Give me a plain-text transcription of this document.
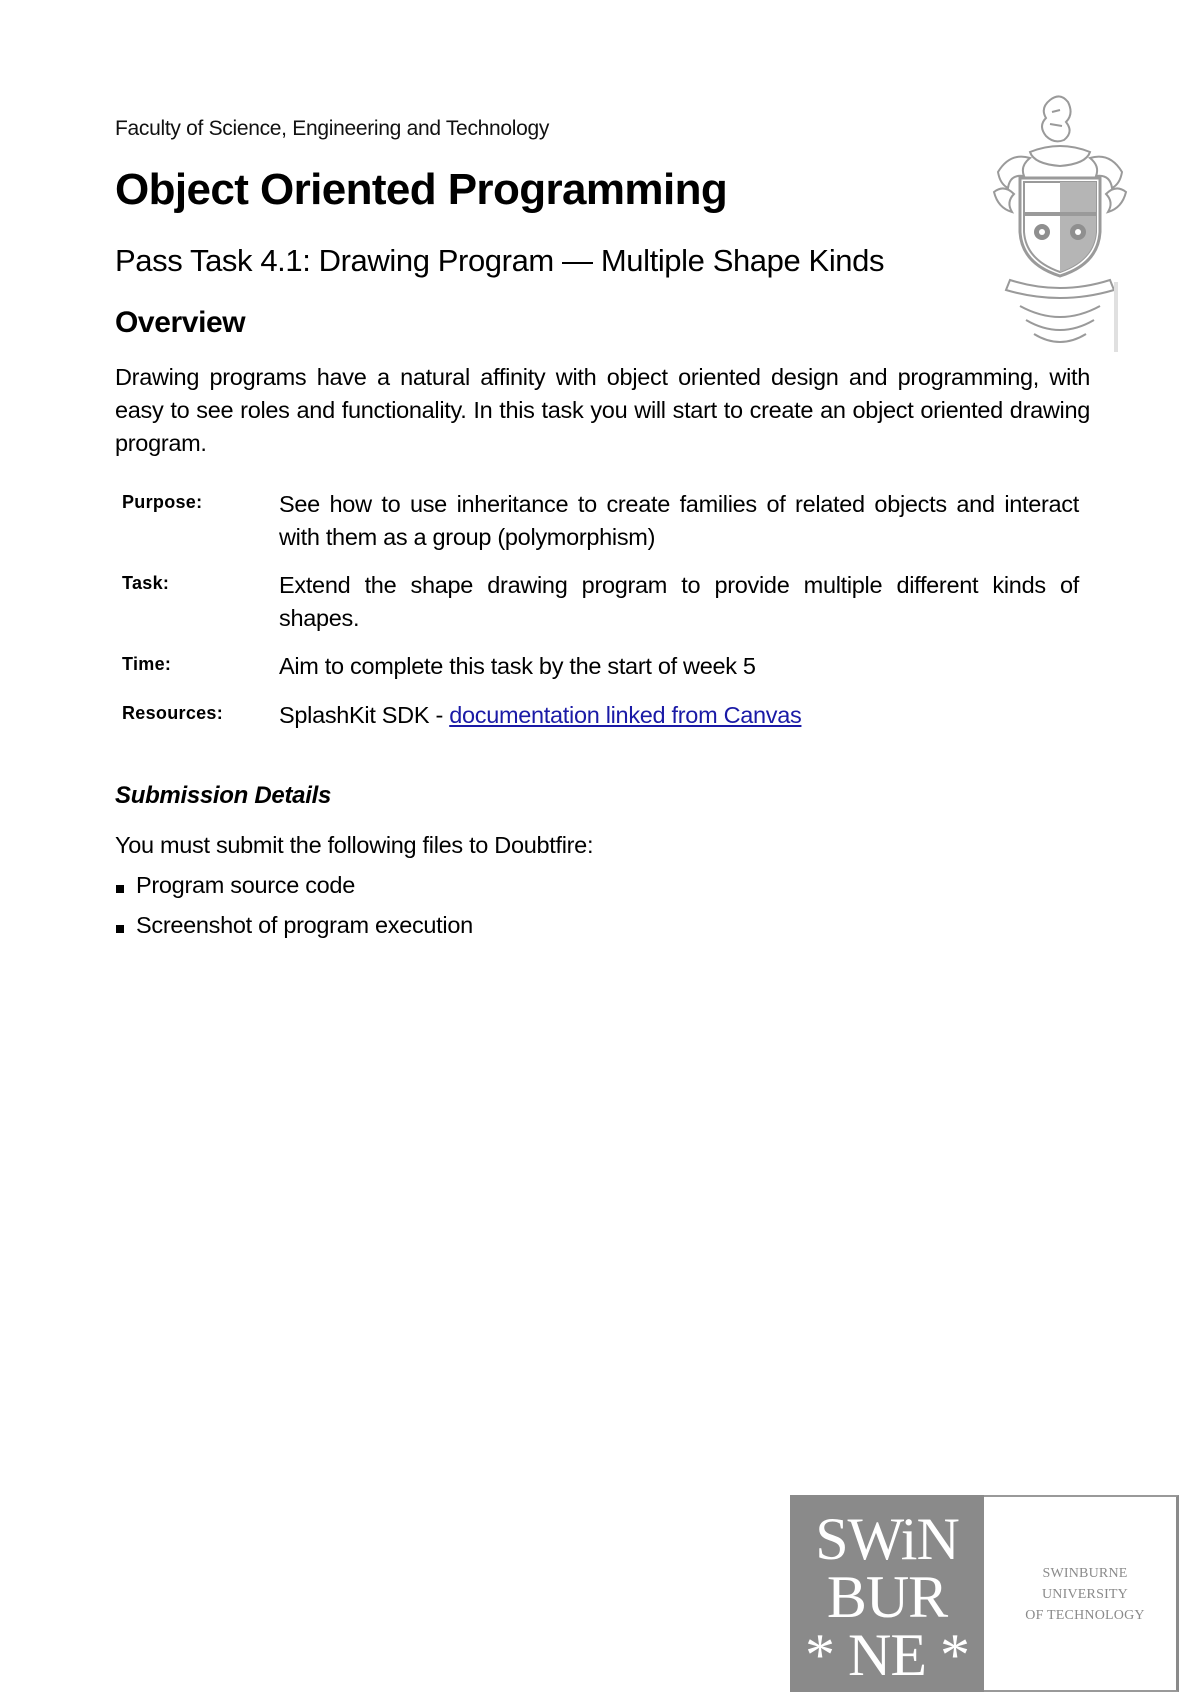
Faculty of Science, Engineering and Technology
Object Oriented Programming
Pass Task 4.1: Drawing Program — Multiple Shape Kinds
Overview
Drawing programs have a natural affinity with object oriented design and programming, with easy to see roles and functionality. In this task you will start to create an object oriented drawing program.
Purpose:	See how to use inheritance to create families of related objects and interact with them as a group (polymorphism)
Task:	Extend the shape drawing program to provide multiple different kinds of shapes.
Time:	Aim to complete this task by the start of week 5
Resources: SplashKit SDK - documentation linked from Canvas
Submission Details
You must submit the following files to Doubtfire:
Program source code
Screenshot of program execution
SWiN
BUR
* NE *
SWINBURNE UNIVERSITY
OF TECHNOLOGY
